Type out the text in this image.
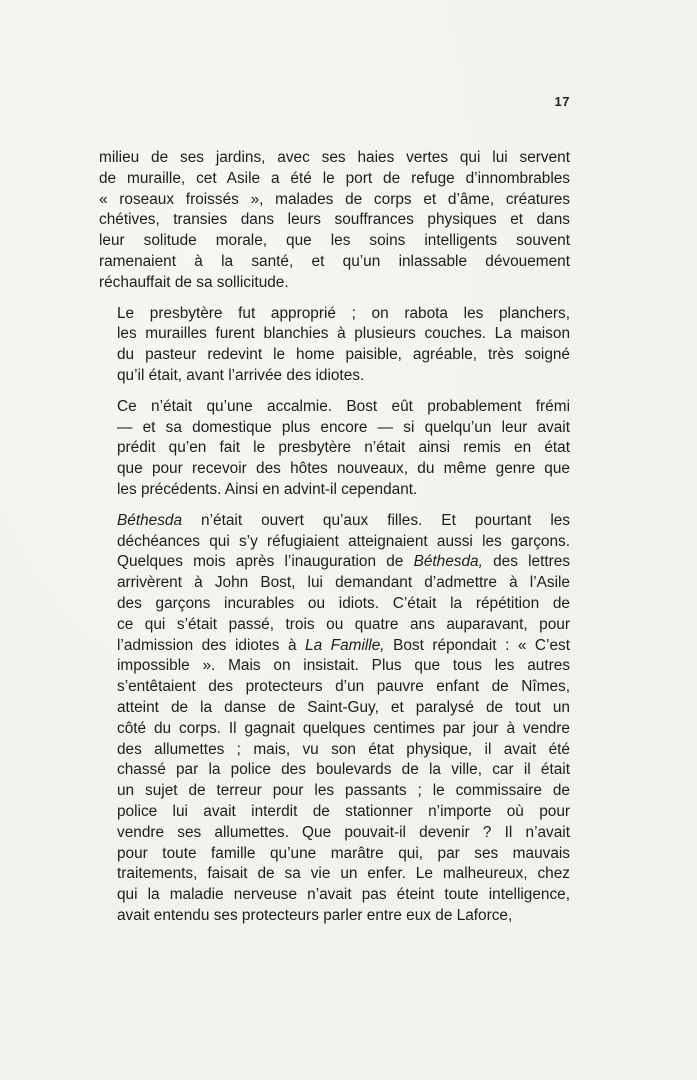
17

milieu de ses jardins, avec ses haies vertes qui lui servent
de muraille, cet Asile a été le port de refuge d’innombrables
« roseaux froissés », malades de corps et d’âme, créatures
chétives, transies dans leurs souffrances physiques et dans
leur solitude morale, que les soins intelligents souvent
ramenaient à la santé, et qu’un inlassable dévouement
réchauffait de sa sollicitude.

Le presbytère fut approprié ; on rabota les planchers,
les murailles furent blanchies à plusieurs couches. La maison
du pasteur redevint le home paisible, agréable, très soigné
qu’il était, avant l’arrivée des idiotes.

Ce n’était qu’une accalmie. Bost eût probablement frémi
— et sa domestique plus encore — si quelqu’un leur avait
prédit qu’en fait le presbytère n’était ainsi remis en état
que pour recevoir des hôtes nouveaux, du même genre que
les précédents. Ainsi en advint-il cependant.

Béthesda n’était ouvert qu’aux filles. Et pourtant les
déchéances qui s’y réfugiaient atteignaient aussi les garçons.
Quelques mois après l’inauguration de Béthesda, des lettres
arrivèrent à John Bost, lui demandant d’admettre à l’Asile
des garçons incurables ou idiots. C’était la répétition de
ce qui s’était passé, trois ou quatre ans auparavant, pour
l’admission des idiotes à La Famille, Bost répondait : « C’est
impossible ». Mais on insistait. Plus que tous les autres
s’entêtaient des protecteurs d’un pauvre enfant de Nîmes,
atteint de la danse de Saint-Guy, et paralysé de tout un
côté du corps. Il gagnait quelques centimes par jour à vendre
des allumettes ; mais, vu son état physique, il avait été
chassé par la police des boulevards de la ville, car il était
un sujet de terreur pour les passants ; le commissaire de
police lui avait interdit de stationner n’importe où pour
vendre ses allumettes. Que pouvait-il devenir ? Il n’avait
pour toute famille qu’une marâtre qui, par ses mauvais
traitements, faisait de sa vie un enfer. Le malheureux, chez
qui la maladie nerveuse n’avait pas éteint toute intelligence,
avait entendu ses protecteurs parler entre eux de Laforce,
